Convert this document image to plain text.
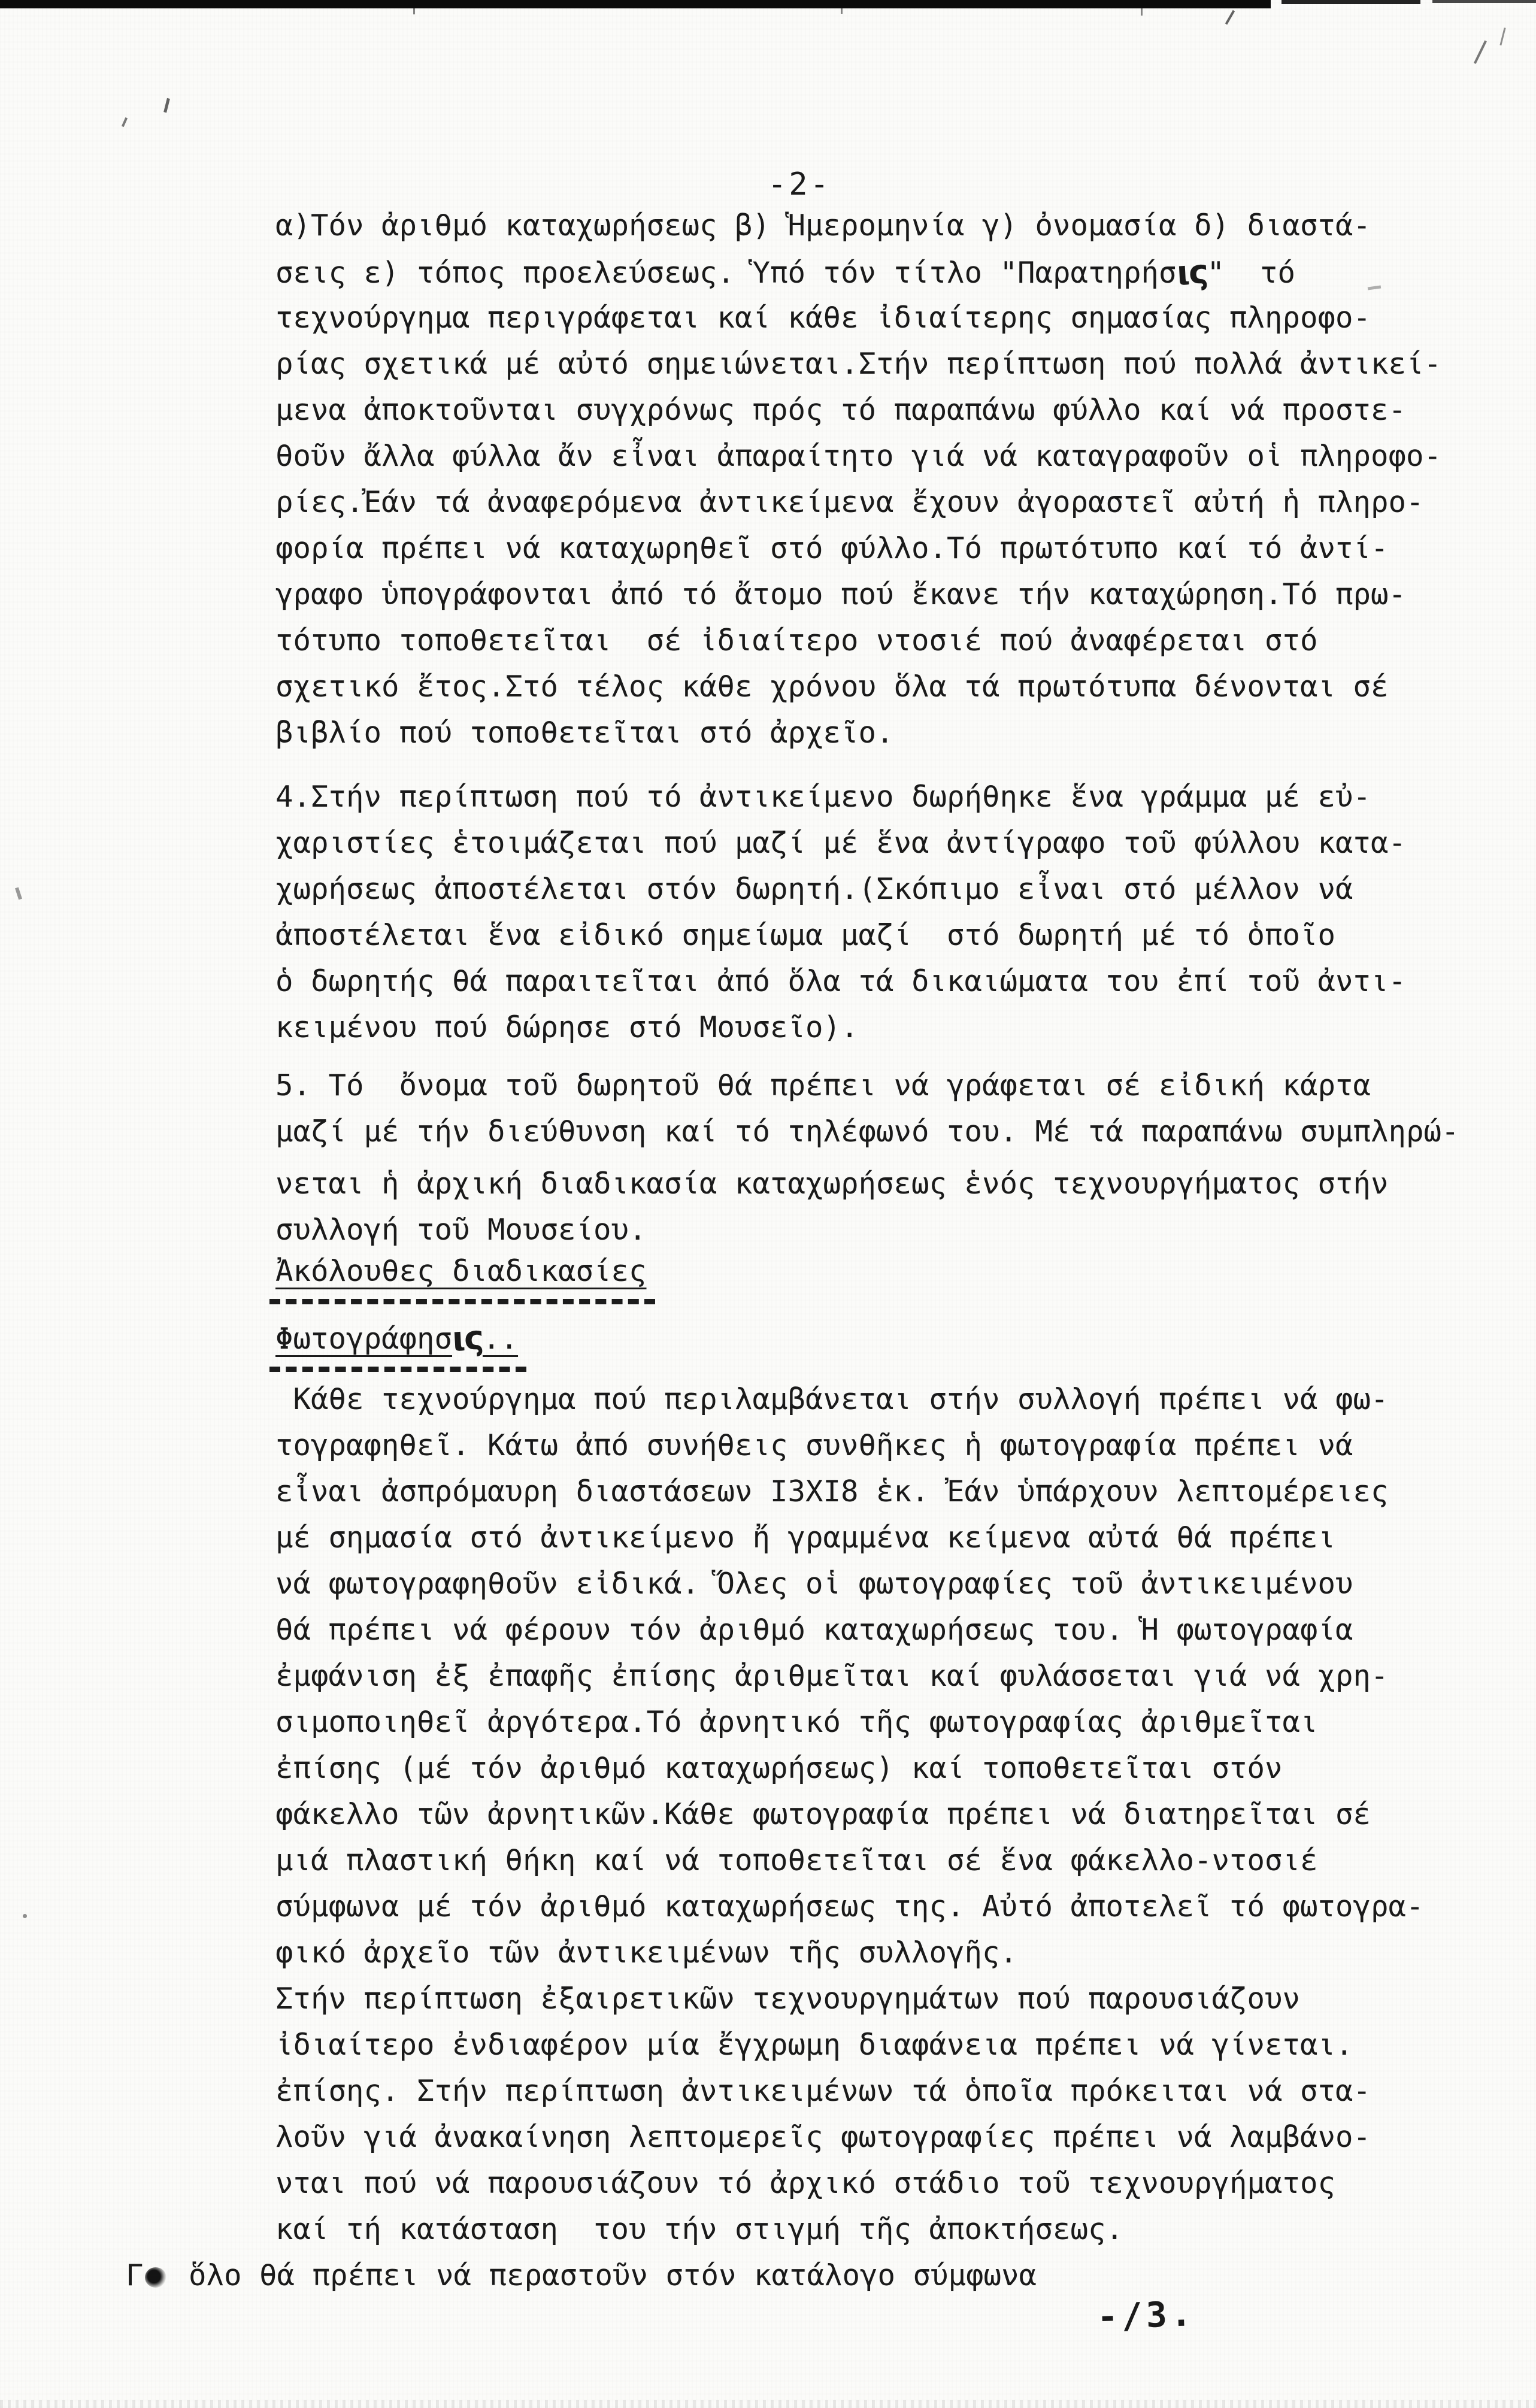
-2-
α)Τόν ἀριθμό καταχωρήσεως β) Ἡμερομηνία γ) ὀνομασία δ) διαστά-
σεις ε) τόπος προελεύσεως. Ὑπό τόν τίτλο "Παρατηρήσις"  τό
τεχνούργημα περιγράφεται καί κάθε ἰδιαίτερης σημασίας πληροφο-
ρίας σχετικά μέ αὐτό σημειώνεται.Στήν περίπτωση πού πολλά ἀντικεί-
μενα ἀποκτοῦνται συγχρόνως πρός τό παραπάνω φύλλο καί νά προστε-
θοῦν ἄλλα φύλλα ἄν εἶναι ἀπαραίτητο γιά νά καταγραφοῦν οἱ πληροφο-
ρίες.Ἐάν τά ἀναφερόμενα ἀντικείμενα ἔχουν ἀγοραστεῖ αὐτή ἡ πληρο-
φορία πρέπει νά καταχωρηθεῖ στό φύλλο.Τό πρωτότυπο καί τό ἀντί-
γραφο ὑπογράφονται ἀπό τό ἄτομο πού ἔκανε τήν καταχώρηση.Τό πρω-
τότυπο τοποθετεῖται  σέ ἰδιαίτερο ντοσιέ πού ἀναφέρεται στό
σχετικό ἔτος.Στό τέλος κάθε χρόνου ὅλα τά πρωτότυπα δένονται σέ
βιβλίο πού τοποθετεῖται στό ἀρχεῖο.
4.Στήν περίπτωση πού τό ἀντικείμενο δωρήθηκε ἕνα γράμμα μέ εὐ-
χαριστίες ἑτοιμάζεται πού μαζί μέ ἕνα ἀντίγραφο τοῦ φύλλου κατα-
χωρήσεως ἀποστέλεται στόν δωρητή.(Σκόπιμο εἶναι στό μέλλον νά
ἀποστέλεται ἕνα εἰδικό σημείωμα μαζί  στό δωρητή μέ τό ὁποῖο
ὁ δωρητής θά παραιτεῖται ἀπό ὅλα τά δικαιώματα του ἐπί τοῦ ἀντι-
κειμένου πού δώρησε στό Μουσεῖο).
5. Τό  ὄνομα τοῦ δωρητοῦ θά πρέπει νά γράφεται σέ εἰδική κάρτα
μαζί μέ τήν διεύθυνση καί τό τηλέφωνό του. Μέ τά παραπάνω συμπληρώ-
νεται ἡ ἀρχική διαδικασία καταχωρήσεως ἑνός τεχνουργήματος στήν
συλλογή τοῦ Μουσείου.
Ἀκόλουθες διαδικασίες
Φωτογράφησις..
Κάθε τεχνούργημα πού περιλαμβάνεται στήν συλλογή πρέπει νά φω-
τογραφηθεῖ. Κάτω ἀπό συνήθεις συνθῆκες ἡ φωτογραφία πρέπει νά
εἶναι ἀσπρόμαυρη διαστάσεων Ι3ΧΙ8 ἑκ. Ἐάν ὑπάρχουν λεπτομέρειες
μέ σημασία στό ἀντικείμενο ἤ γραμμένα κείμενα αὐτά θά πρέπει
νά φωτογραφηθοῦν εἰδικά. Ὅλες οἱ φωτογραφίες τοῦ ἀντικειμένου
θά πρέπει νά φέρουν τόν ἀριθμό καταχωρήσεως του. Ἡ φωτογραφία
ἐμφάνιση ἐξ ἐπαφῆς ἐπίσης ἀριθμεῖται καί φυλάσσεται γιά νά χρη-
σιμοποιηθεῖ ἀργότερα.Τό ἀρνητικό τῆς φωτογραφίας ἀριθμεῖται
ἐπίσης (μέ τόν ἀριθμό καταχωρήσεως) καί τοποθετεῖται στόν
φάκελλο τῶν ἀρνητικῶν.Κάθε φωτογραφία πρέπει νά διατηρεῖται σέ
μιά πλαστική θήκη καί νά τοποθετεῖται σέ ἕνα φάκελλο-ντοσιέ
σύμφωνα μέ τόν ἀριθμό καταχωρήσεως της. Αὐτό ἀποτελεῖ τό φωτογρα-
φικό ἀρχεῖο τῶν ἀντικειμένων τῆς συλλογῆς.
Στήν περίπτωση ἐξαιρετικῶν τεχνουργημάτων πού παρουσιάζουν
ἰδιαίτερο ἐνδιαφέρον μία ἔγχρωμη διαφάνεια πρέπει νά γίνεται.
ἐπίσης. Στήν περίπτωση ἀντικειμένων τά ὁποῖα πρόκειται νά στα-
λοῦν γιά ἀνακαίνηση λεπτομερεῖς φωτογραφίες πρέπει νά λαμβάνο-
νται πού νά παρουσιάζουν τό ἀρχικό στάδιο τοῦ τεχνουργήματος
καί τή κατάσταση  του τήν στιγμή τῆς ἀποκτήσεως.
Γ ὅλο θά πρέπει νά περαστοῦν στόν κατάλογο σύμφωνα
-/3.
